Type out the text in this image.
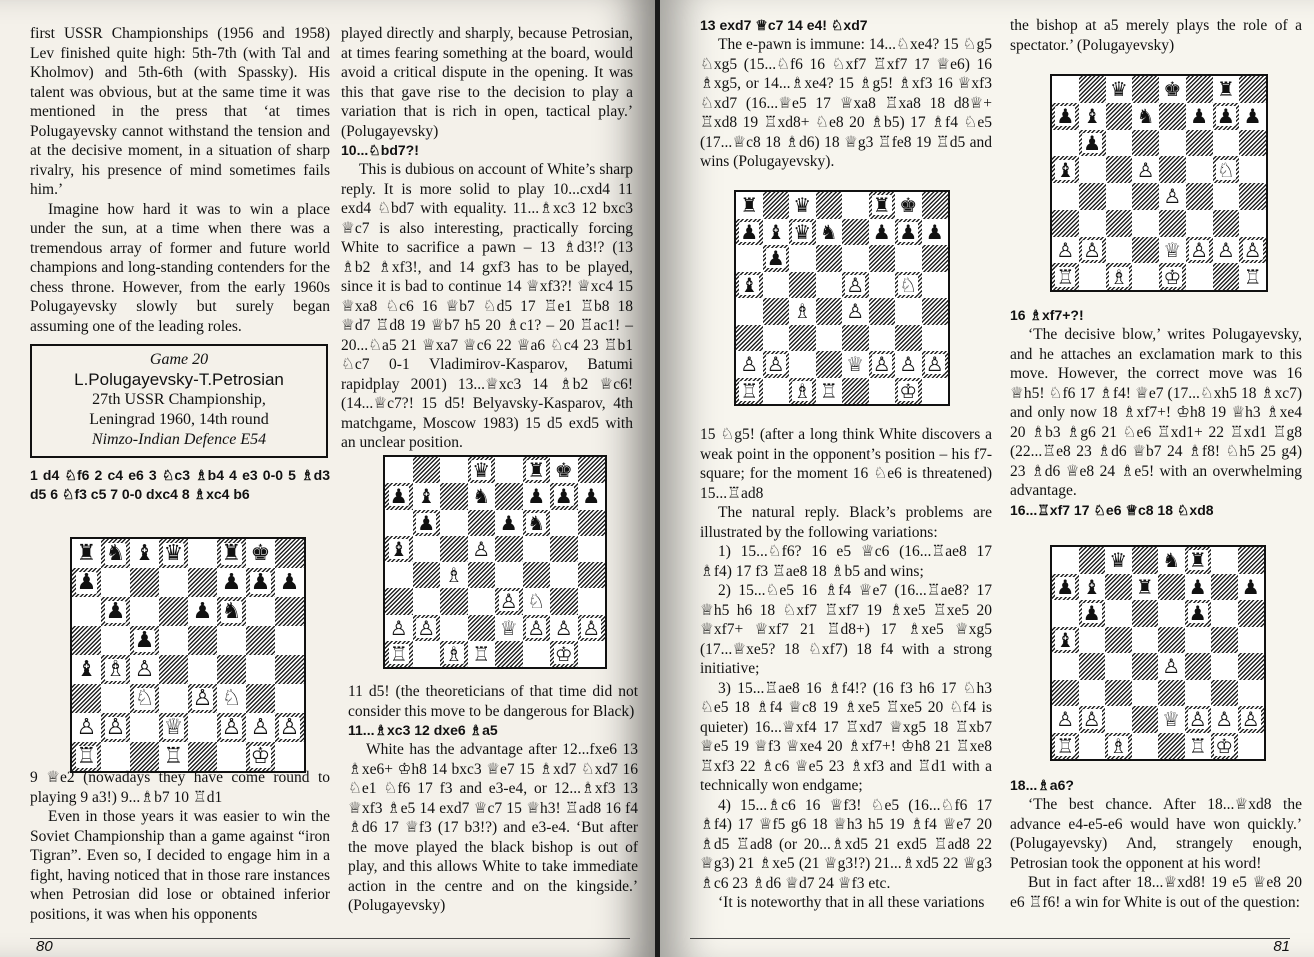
first USSR Championships (1956 and 1958) Lev finished quite high: 5th-7th (with Tal and Kholmov) and 5th-6th (with Spassky). His talent was obvious, but at the same time it was mentioned in the press that ‘at times Polugayevsky cannot withstand the tension and at the decisive moment, in a situation of sharp rivalry, his presence of mind sometimes fails him.’

Imagine how hard it was to win a place under the sun, at a time when there was a tremendous array of former and future world champions and long-standing contenders for the chess throne. However, from the early 1960s Polugayevsky slowly but surely began assuming one of the leading roles.

Game 20
L.Polugayevsky-T.Petrosian
27th USSR Championship,
Leningrad 1960, 14th round
Nimzo-Indian Defence E54

1 d4 ♘f6 2 c4 e6 3 ♘c3 ♗b4 4 e3 0-0 5 ♗d3 d5 6 ♘f3 c5 7 0-0 dxc4 8 ♗xc4 b6

♜ ♞ ♝ ♛ ♜ ♚
♟	♟ ♟ ♟
♟	♟ ♞
♟
♝ ♗ ♙
♘ ♙ ♘
♙ ♙ ♕ ♙ ♙ ♙
♖	♖	♔

9 ♕e2 (nowadays they have come round to playing 9 a3!) 9...♗b7 10 ♖d1

Even in those years it was easier to win the Soviet Championship than a game against “iron Tigran”. Even so, I decided to engage him in a fight, having noticed that in those rare instances when Petrosian did lose or obtained inferior positions, it was when his opponents

played directly and sharply, because Petrosian, at times fearing something at the board, would avoid a critical dispute in the opening. It was this that gave rise to the decision to play a variation that is rich in open, tactical play.’ (Polugayevsky)

10...♘bd7?!

This is dubious on account of White’s sharp reply. It is more solid to play 10...cxd4 11 exd4 ♘bd7 with equality. 11...♗xc3 12 bxc3 ♕c7 is also interesting, practically forcing White to sacrifice a pawn – 13 ♗d3!? (13 ♗b2 ♗xf3!, and 14 gxf3 has to be played, since it is bad to continue 14 ♕xf3?! ♕xc4 15 ♕xa8 ♘c6 16 ♕b7 ♘d5 17 ♖e1 ♖b8 18 ♕d7 ♖d8 19 ♕b7 h5 20 ♗c1? – 20 ♖ac1! – 20...♘a5 21 ♕xa7 ♕c6 22 ♕a6 ♘c4 23 ♖b1 ♘c7 0-1 Vladimirov-Kasparov, Batumi rapidplay 2001) 13...♕xc3 14 ♗b2 ♕c6! (14...♕c7?! 15 d5! Belyavsky-Kasparov, 4th matchgame, Moscow 1983) 15 d5 exd5 with an unclear position.

♛ ♜ ♚
♟ ♝ ♞ ♟ ♟ ♟
♟	♟ ♞
♝	♙
♗
♙ ♘
♙ ♙	♕ ♙ ♙ ♙
♖ ♗ ♖	♔

11 d5! (the theoreticians of that time did not consider this move to be dangerous for Black)

11...♗xc3 12 dxe6 ♗a5

White has the advantage after 12...fxe6 13 ♗xe6+ ♔h8 14 bxc3 ♕e7 15 ♗xd7 ♘xd7 16 ♘e1 ♘f6 17 f3 and e3-e4, or 12...♗xf3 13 ♕xf3 ♗e5 14 exd7 ♕c7 15 ♕h3! ♖ad8 16 f4 ♗d6 17 ♕f3 (17 b3!?) and e3-e4. ‘But after the move played the black bishop is out of play, and this allows White to take immediate action in the centre and on the kingside.’ (Polugayevsky)

80

13 exd7 ♕c7 14 e4! ♘xd7

The e-pawn is immune: 14...♘xe4? 15 ♘g5 ♘xg5 (15...♘f6 16 ♘xf7 ♖xf7 17 ♕e6) 16 ♗xg5, or 14...♗xe4? 15 ♗g5! ♗xf3 16 ♕xf3 ♘xd7 (16...♕e5 17 ♕xa8 ♖xa8 18 d8♕+ ♖xd8 19 ♖xd8+ ♘e8 20 ♗b5) 17 ♗f4 ♘e5 (17...♕c8 18 ♗d6) 18 ♕g3 ♖fe8 19 ♖d5 and wins (Polugayevsky).

♜ ♛	♜ ♚
♟ ♝ ♛ ♞ ♟ ♟ ♟
♟
♝	♙ ♘
♗ ♙
♙ ♙	♕ ♙ ♙ ♙
♖ ♗ ♖	♔

15 ♘g5! (after a long think White discovers a weak point in the opponent’s position – his f7-square; for the moment 16 ♘e6 is threatened) 15...♖ad8

The natural reply. Black’s problems are illustrated by the following variations:

1) 15...♘f6? 16 e5 ♕c6 (16...♖ae8 17 ♗f4) 17 f3 ♖ae8 18 ♗b5 and wins;

2) 15...♘e5 16 ♗f4 ♕e7 (16...♖ae8? 17 ♕h5 h6 18 ♘xf7 ♖xf7 19 ♗xe5 ♖xe5 20 ♕xf7+ ♕xf7 21 ♖d8+) 17 ♗xe5 ♕xg5 (17...♕xe5? 18 ♘xf7) 18 f4 with a strong initiative;

3) 15...♖ae8 16 ♗f4!? (16 f3 h6 17 ♘h3 ♘e5 18 ♗f4 ♕c8 19 ♗xe5 ♖xe5 20 ♘f4 is quieter) 16...♕xf4 17 ♖xd7 ♕xg5 18 ♖xb7 ♕e5 19 ♕f3 ♕xe4 20 ♗xf7+! ♔h8 21 ♖xe8 ♖xf3 22 ♗c6 ♕e5 23 ♗xf3 and ♖d1 with a technically won endgame;

4) 15...♗c6 16 ♕f3! ♘e5 (16...♘f6 17 ♗f4) 17 ♕f5 g6 18 ♕h3 h5 19 ♗f4 ♕e7 20 ♗d5 ♖ad8 (or 20...♗xd5 21 exd5 ♖ad8 22 ♕g3) 21 ♗xe5 (21 ♕g3!?) 21...♗xd5 22 ♕g3 ♗c6 23 ♗d6 ♕d7 24 ♕f3 etc.

‘It is noteworthy that in all these variations

the bishop at a5 merely plays the role of a spectator.’ (Polugayevsky)

♛ ♚ ♜
♟ ♝ ♞ ♟ ♟ ♟
♟
♝	♙	♘
♙
♙ ♙	♕ ♙ ♙ ♙
♖ ♗ ♔	♖

16 ♗xf7+?!

‘The decisive blow,’ writes Polugayevsky, and he attaches an exclamation mark to this move. However, the correct move was 16 ♕h5! ♘f6 17 ♗f4! ♕e7 (17...♘xh5 18 ♗xc7) and only now 18 ♗xf7+! ♔h8 19 ♕h3 ♗xe4 20 ♗b3 ♗g6 21 ♘e6 ♖xd1+ 22 ♖xd1 ♖g8 (22...♖e8 23 ♗d6 ♕b7 24 ♗f8! ♘h5 25 g4) 23 ♗d6 ♕e8 24 ♗e5! with an overwhelming advantage.

16...♖xf7 17 ♘e6 ♕c8 18 ♘xd8

♛ ♞ ♜
♟ ♝ ♜ ♟ ♟
♟	♟
♝
♙
♙ ♙	♕ ♙ ♙ ♙
♖ ♗	♖ ♔

18...♗a6?

‘The best chance. After 18...♕xd8 the advance e4-e5-e6 would have won quickly.’ (Polugayevsky) And, strangely enough, Petrosian took the opponent at his word!

But in fact after 18...♕xd8! 19 e5 ♕e8 20 e6 ♖f6! a win for White is out of the question:

81
